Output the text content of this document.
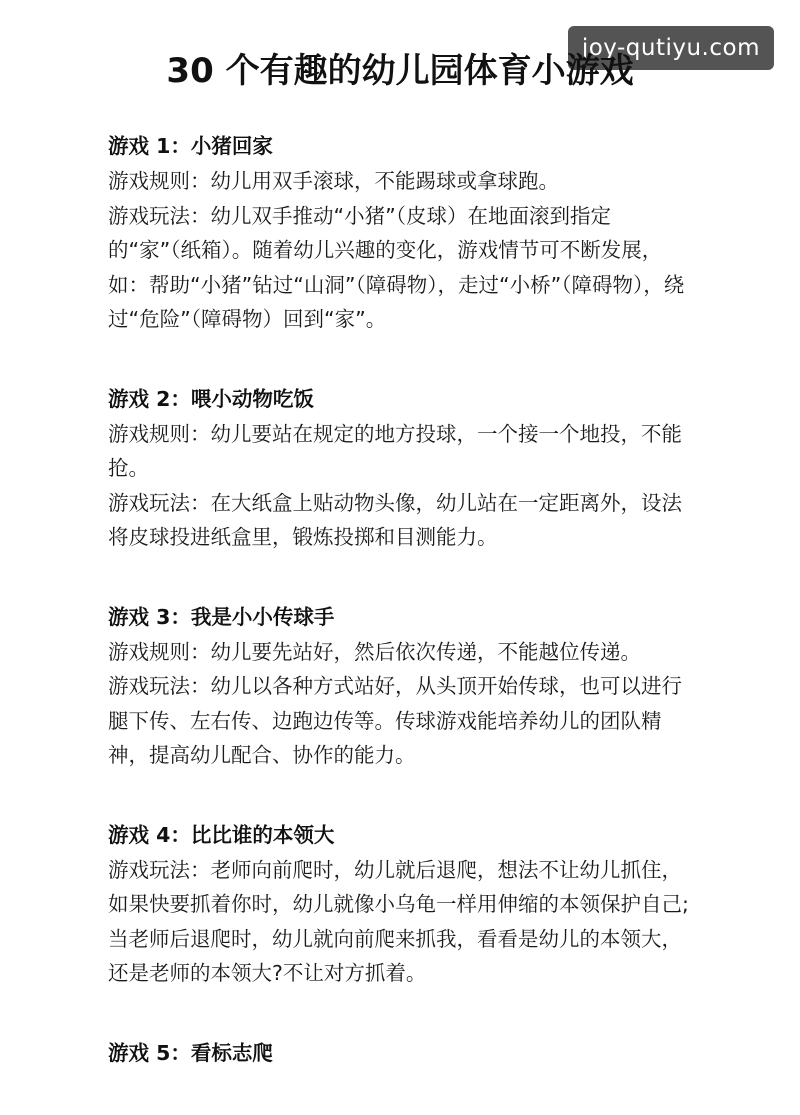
joy-qutiyu.com
30 个有趣的幼儿园体育小游戏

游戏 1：小猪回家

游戏规则：幼儿用双手滚球，不能踢球或拿球跑。

游戏玩法：幼儿双手推动“小猪”（皮球）在地面滚到指定的“家”（纸箱）。随着幼儿兴趣的变化，游戏情节可不断发展，如：帮助“小猪”钻过“山洞”（障碍物），走过“小桥”（障碍物），绕过“危险”（障碍物）回到“家”。

游戏 2：喂小动物吃饭

游戏规则：幼儿要站在规定的地方投球，一个接一个地投，不能抢。

游戏玩法：在大纸盒上贴动物头像，幼儿站在一定距离外，设法将皮球投进纸盒里，锻炼投掷和目测能力。

游戏 3：我是小小传球手

游戏规则：幼儿要先站好，然后依次传递，不能越位传递。

游戏玩法：幼儿以各种方式站好，从头顶开始传球，也可以进行腿下传、左右传、边跑边传等。传球游戏能培养幼儿的团队精神，提高幼儿配合、协作的能力。

游戏 4：比比谁的本领大

游戏玩法：老师向前爬时，幼儿就后退爬，想法不让幼儿抓住，如果快要抓着你时，幼儿就像小乌龟一样用伸缩的本领保护自己;当老师后退爬时，幼儿就向前爬来抓我，看看是幼儿的本领大，还是老师的本领大?不让对方抓着。

游戏 5：看标志爬
